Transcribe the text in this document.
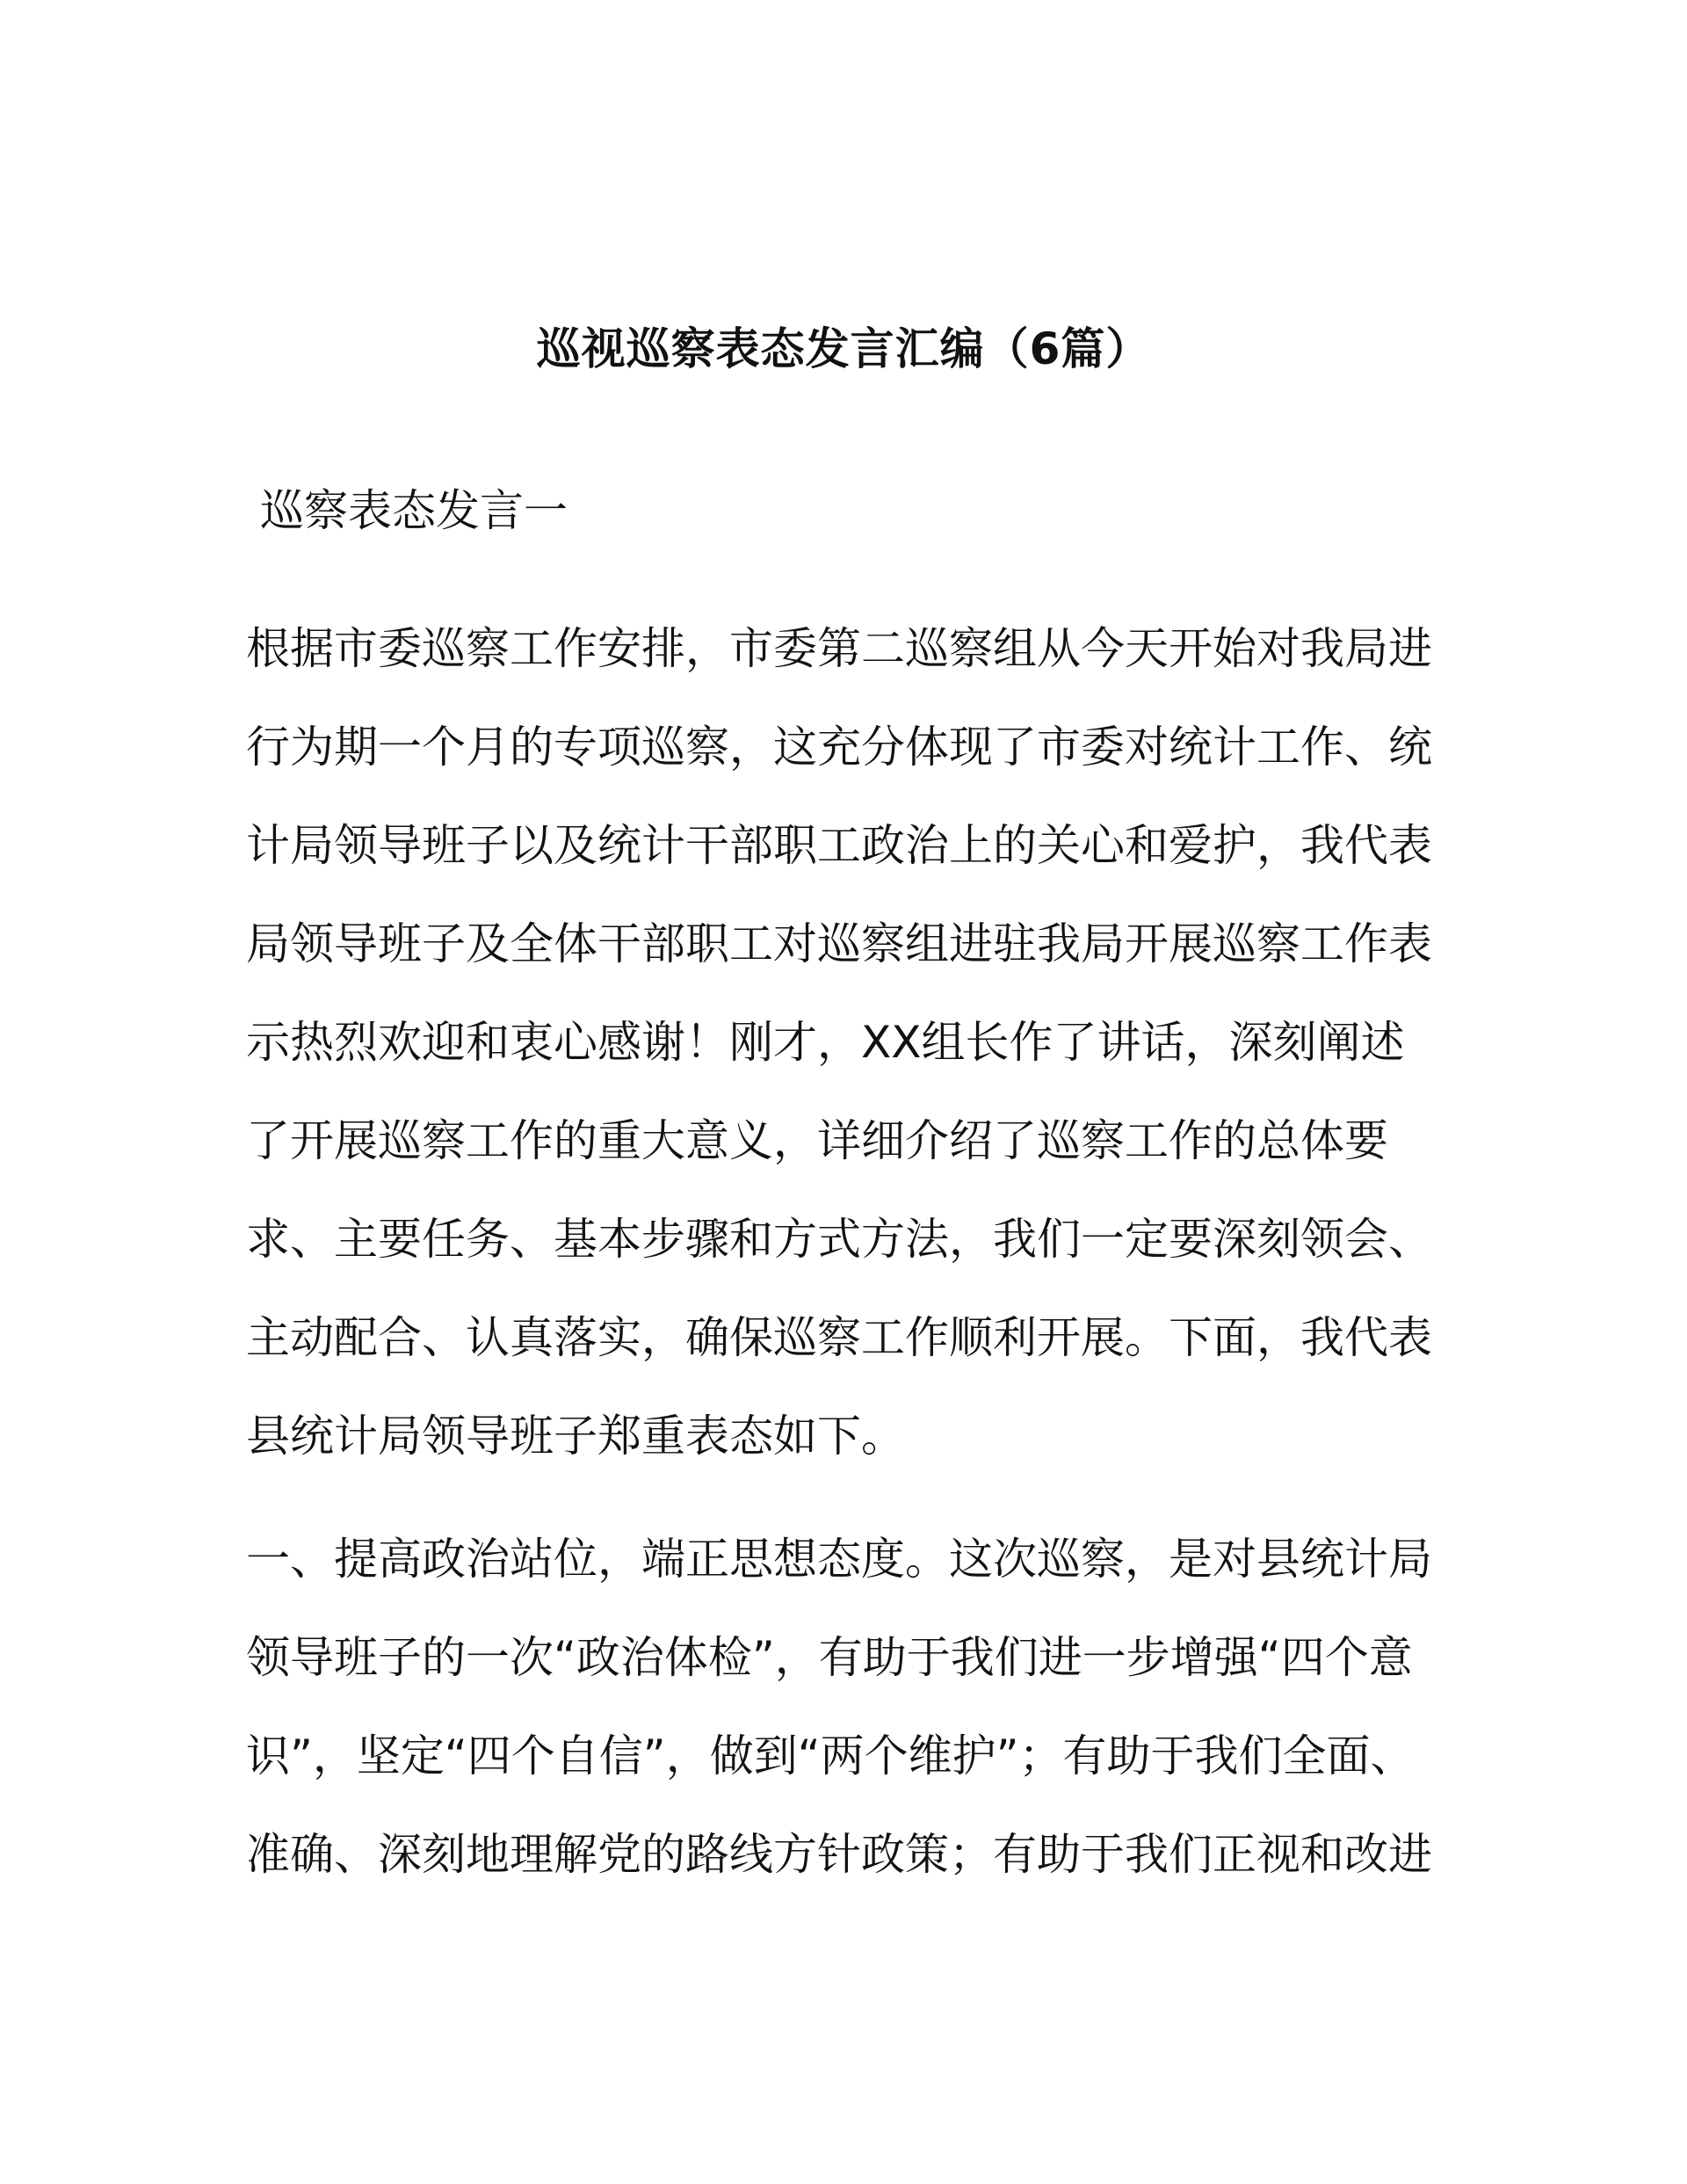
巡视巡察表态发言汇编（6篇）
巡察表态发言一
根据市委巡察工作安排，市委第二巡察组从今天开始对我局进
行为期一个月的专项巡察，这充分体现了市委对统计工作、统
计局领导班子以及统计干部职工政治上的关心和爱护，我代表
局领导班子及全体干部职工对巡察组进驻我局开展巡察工作表
示热烈欢迎和衷心感谢！刚才，XX组长作了讲话，深刻阐述
了开展巡察工作的重大意义，详细介绍了巡察工作的总体要
求、主要任务、基本步骤和方式方法，我们一定要深刻领会、
主动配合、认真落实，确保巡察工作顺利开展。下面，我代表
县统计局领导班子郑重表态如下。
一、提高政治站位，端正思想态度。这次巡察，是对县统计局
领导班子的一次“政治体检”，有助于我们进一步增强“四个意
识”，坚定“四个自信”，做到“两个维护”；有助于我们全面、
准确、深刻地理解党的路线方针政策；有助于我们正视和改进
